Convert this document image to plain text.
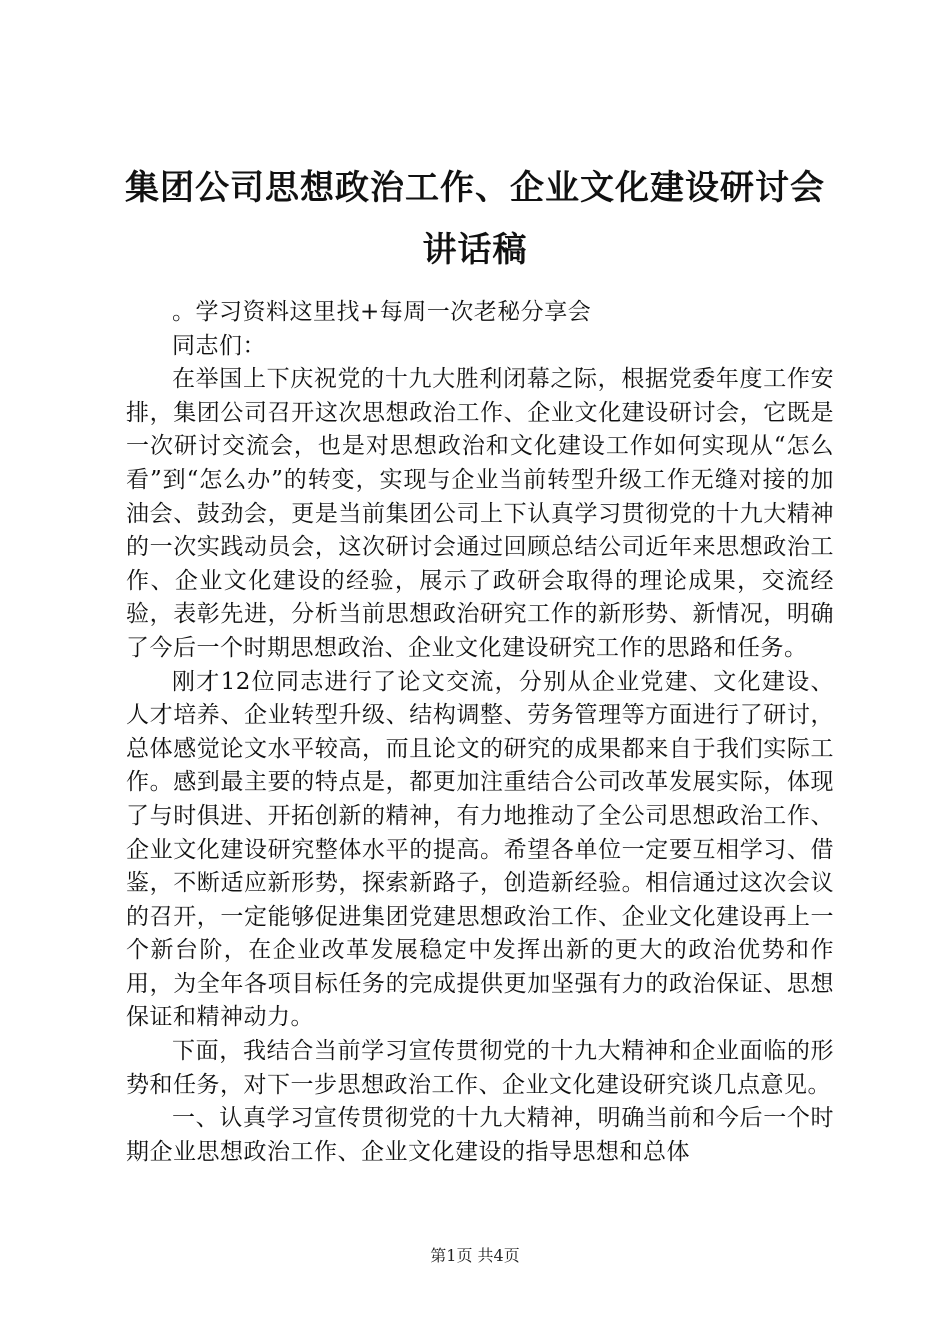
集团公司思想政治工作、企业文化建设研讨会
讲话稿

。学习资料这里找+每周一次老秘分享会

同志们：

在举国上下庆祝党的十九大胜利闭幕之际，根据党委年度工作安排，集团公司召开这次思想政治工作、企业文化建设研讨会，它既是一次研讨交流会，也是对思想政治和文化建设工作如何实现从“怎么看”到“怎么办”的转变，实现与企业当前转型升级工作无缝对接的加油会、鼓劲会，更是当前集团公司上下认真学习贯彻党的十九大精神的一次实践动员会，这次研讨会通过回顾总结公司近年来思想政治工作、企业文化建设的经验，展示了政研会取得的理论成果，交流经验，表彰先进，分析当前思想政治研究工作的新形势、新情况，明确了今后一个时期思想政治、企业文化建设研究工作的思路和任务。

刚才12位同志进行了论文交流，分别从企业党建、文化建设、人才培养、企业转型升级、结构调整、劳务管理等方面进行了研讨，总体感觉论文水平较高，而且论文的研究的成果都来自于我们实际工作。感到最主要的特点是，都更加注重结合公司改革发展实际，体现了与时俱进、开拓创新的精神，有力地推动了全公司思想政治工作、企业文化建设研究整体水平的提高。希望各单位一定要互相学习、借鉴，不断适应新形势，探索新路子，创造新经验。相信通过这次会议的召开，一定能够促进集团党建思想政治工作、企业文化建设再上一个新台阶，在企业改革发展稳定中发挥出新的更大的政治优势和作用，为全年各项目标任务的完成提供更加坚强有力的政治保证、思想保证和精神动力。

下面，我结合当前学习宣传贯彻党的十九大精神和企业面临的形势和任务，对下一步思想政治工作、企业文化建设研究谈几点意见。

一、认真学习宣传贯彻党的十九大精神，明确当前和今后一个时期企业思想政治工作、企业文化建设的指导思想和总体

第1页 共4页
